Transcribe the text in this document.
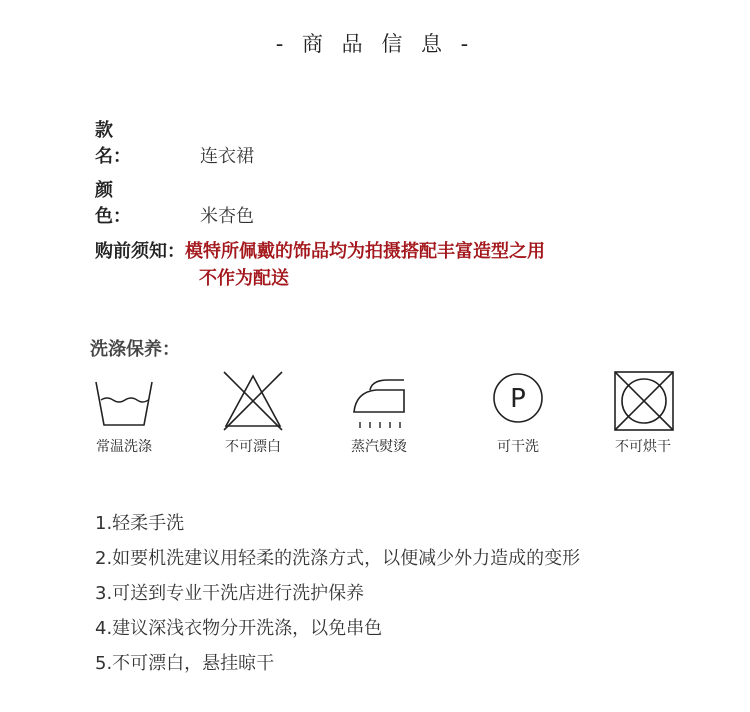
- 商 品 信 息 -
款　　名：	连衣裙
颜　　色：	米杏色
购前须知：模特所佩戴的饰品均为拍摄搭配丰富造型之用
不作为配送
洗涤保养：
常温洗涤	不可漂白	蒸汽熨烫
P
可干洗	不可烘干
1.轻柔手洗
2.如要机洗建议用轻柔的洗涤方式，以便减少外力造成的变形
3.可送到专业干洗店进行洗护保养
4.建议深浅衣物分开洗涤，以免串色
5.不可漂白，悬挂晾干
